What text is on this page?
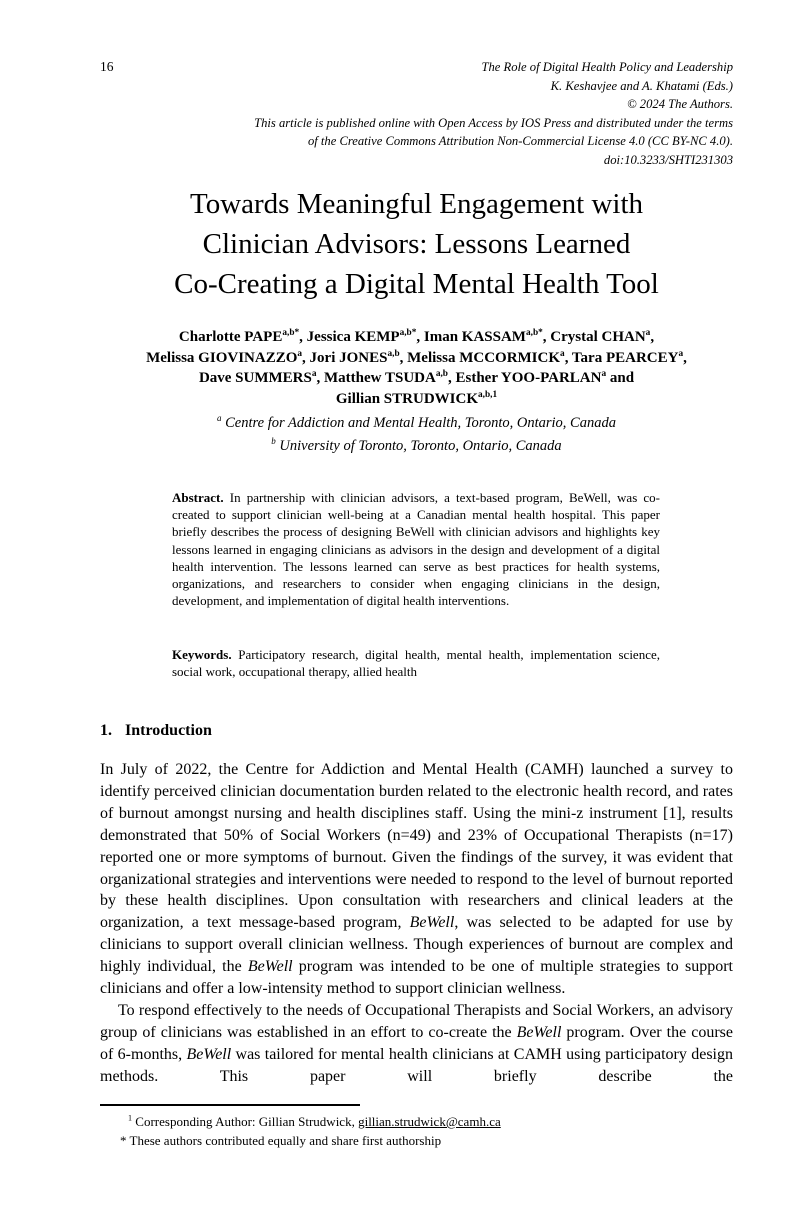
16	The Role of Digital Health Policy and Leadership
K. Keshavjee and A. Khatami (Eds.)
© 2024 The Authors.
This article is published online with Open Access by IOS Press and distributed under the terms
of the Creative Commons Attribution Non-Commercial License 4.0 (CC BY-NC 4.0).
doi:10.3233/SHTI231303
Towards Meaningful Engagement with
Clinician Advisors: Lessons Learned
Co-Creating a Digital Mental Health Tool
Charlotte $PAPE^{a,b*}$, Jessica $KEMP^{a,b*}$, Iman $KASSAM^{a,b*}$, Crystal CHAN$^a$,
Melissa GIOVINAZZO$^a$, Jori JONES$^{a,b}$, Melissa MCCORMICK$^a$, Tara PEARCEY$^a$,
Dave SUMMERS$^a$, Matthew TSUDA$^{a,b}$, Esther YOO-PARLAN$^a$ and
Gillian STRUDWICK$^{a,b,1}$
$^a$ Centre for Addiction and Mental Health, Toronto, Ontario, Canada
$^b$ University of Toronto, Toronto, Ontario, Canada
Abstract. In partnership with clinician advisors, a text-based program, BeWell, was co-created to support clinician well-being at a Canadian mental health hospital. This paper briefly describes the process of designing BeWell with clinician advisors and highlights key lessons learned in engaging clinicians as advisors in the design and development of a digital health intervention. The lessons learned can serve as best practices for health systems, organizations, and researchers to consider when engaging clinicians in the design, development, and implementation of digital health interventions.
Keywords. Participatory research, digital health, mental health, implementation science, social work, occupational therapy, allied health
1. Introduction

In July of 2022, the Centre for Addiction and Mental Health (CAMH) launched a survey to identify perceived clinician documentation burden related to the electronic health record, and rates of burnout amongst nursing and health disciplines staff. Using the mini-z instrument [1], results demonstrated that 50% of Social Workers (n=49) and 23% of Occupational Therapists (n=17) reported one or more symptoms of burnout. Given the findings of the survey, it was evident that organizational strategies and interventions were needed to respond to the level of burnout reported by these health disciplines. Upon consultation with researchers and clinical leaders at the organization, a text message-based program, BeWell, was selected to be adapted for use by clinicians to support overall clinician wellness. Though experiences of burnout are complex and highly individual, the BeWell program was intended to be one of multiple strategies to support clinicians and offer a low-intensity method to support clinician wellness.

To respond effectively to the needs of Occupational Therapists and Social Workers, an advisory group of clinicians was established in an effort to co-create the BeWell program. Over the course of 6-months, BeWell was tailored for mental health clinicians at CAMH using participatory design methods. This paper will briefly describe the

$^1$ Corresponding Author: Gillian Strudwick, gillian.strudwick@camh.ca
* These authors contributed equally and share first authorship
